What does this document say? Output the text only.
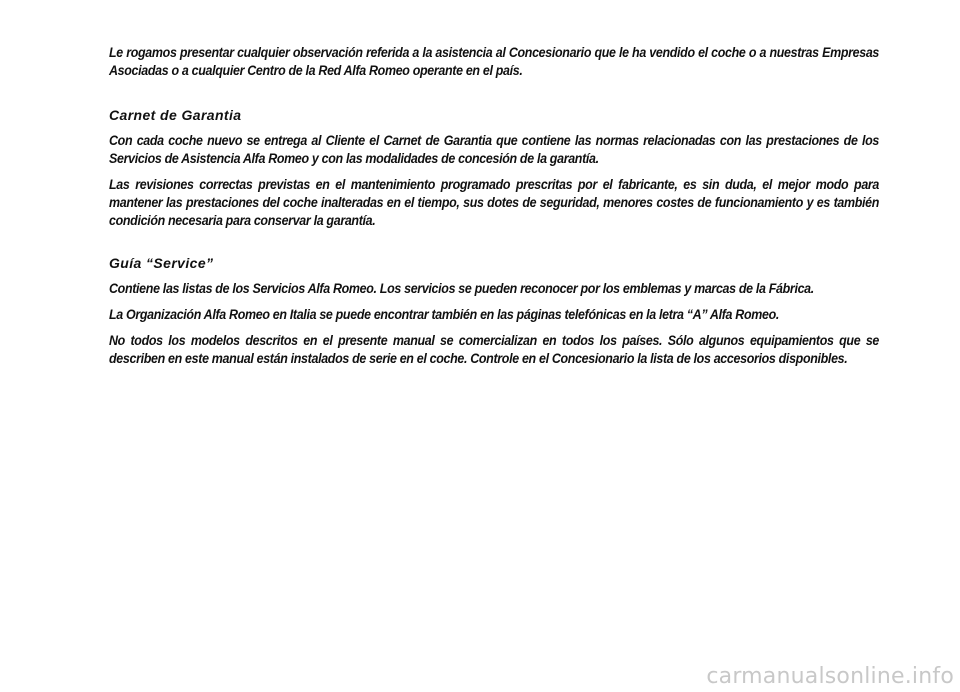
Le rogamos presentar cualquier observación referida a la asistencia al Concesionario que le ha vendido el coche o a nuestras Empresas Asociadas o a cualquier Centro de la Red Alfa Romeo operante en el país.

Carnet de Garantia

Con cada coche nuevo se entrega al Cliente el Carnet de Garantia que contiene las normas relacionadas con las prestaciones de los Servicios de Asistencia Alfa Romeo y con las modalidades de concesión de la garantía.

Las revisiones correctas previstas en el mantenimiento programado prescritas por el fabricante, es sin duda, el mejor modo para mantener las prestaciones del coche inalteradas en el tiempo, sus dotes de seguridad, menores costes de funcionamiento y es también condición necesaria para conservar la garantía.

Guía “Service”

Contiene las listas de los Servicios Alfa Romeo. Los servicios se pueden reconocer por los emblemas y marcas de la Fábrica.

La Organización Alfa Romeo en Italia se puede encontrar también en las páginas telefónicas en la letra “A” Alfa Romeo.

No todos los modelos descritos en el presente manual se comercializan en todos los países. Sólo algunos equipamientos que se describen en este manual están instalados de serie en el coche. Controle en el Concesionario la lista de los accesorios disponibles.

carmanualsonline.info
